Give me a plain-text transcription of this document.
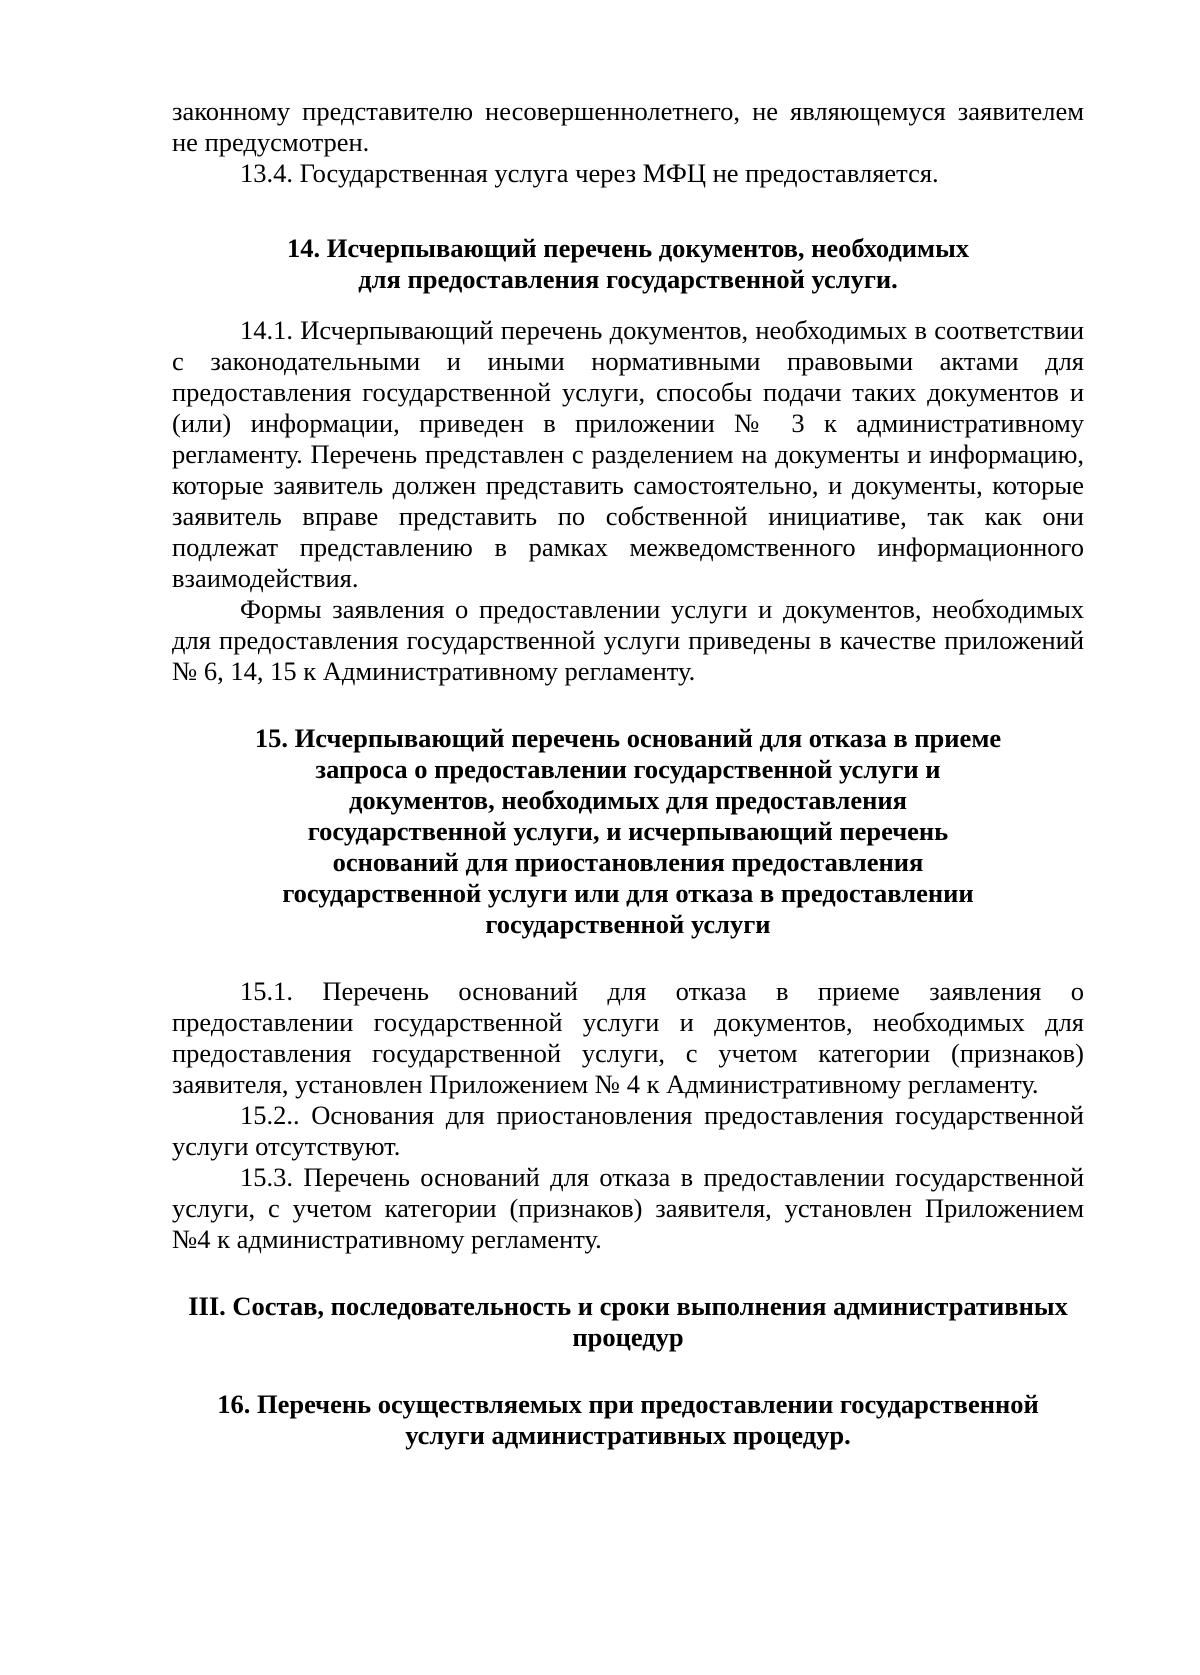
законному представителю несовершеннолетнего, не являющемуся заявителем не предусмотрен.

13.4. Государственная услуга через МФЦ не предоставляется.

14. Исчерпывающий перечень документов, необходимых
для предоставления государственной услуги.

14.1. Исчерпывающий перечень документов, необходимых в соответствии с законодательными и иными нормативными правовыми актами для предоставления государственной услуги, способы подачи таких документов и (или) информации, приведен в приложении № 3 к административному регламенту. Перечень представлен с разделением на документы и информацию, которые заявитель должен представить самостоятельно, и документы, которые заявитель вправе представить по собственной инициативе, так как они подлежат представлению в рамках межведомственного информационного взаимодействия.

Формы заявления о предоставлении услуги и документов, необходимых для предоставления государственной услуги приведены в качестве приложений № 6, 14, 15 к Административному регламенту.

15. Исчерпывающий перечень оснований для отказа в приеме
запроса о предоставлении государственной услуги и
документов, необходимых для предоставления
государственной услуги, и исчерпывающий перечень
оснований для приостановления предоставления
государственной услуги или для отказа в предоставлении
государственной услуги

15.1. Перечень оснований для отказа в приеме заявления о предоставлении государственной услуги и документов, необходимых для предоставления государственной услуги, с учетом категории (признаков) заявителя, установлен Приложением № 4 к Административному регламенту.

15.2.. Основания для приостановления предоставления государственной услуги отсутствуют.

15.3. Перечень оснований для отказа в предоставлении государственной услуги, с учетом категории (признаков) заявителя, установлен Приложением №4 к административному регламенту.

III. Состав, последовательность и сроки выполнения административных
процедур
16. Перечень осуществляемых при предоставлении государственной
услуги административных процедур.
